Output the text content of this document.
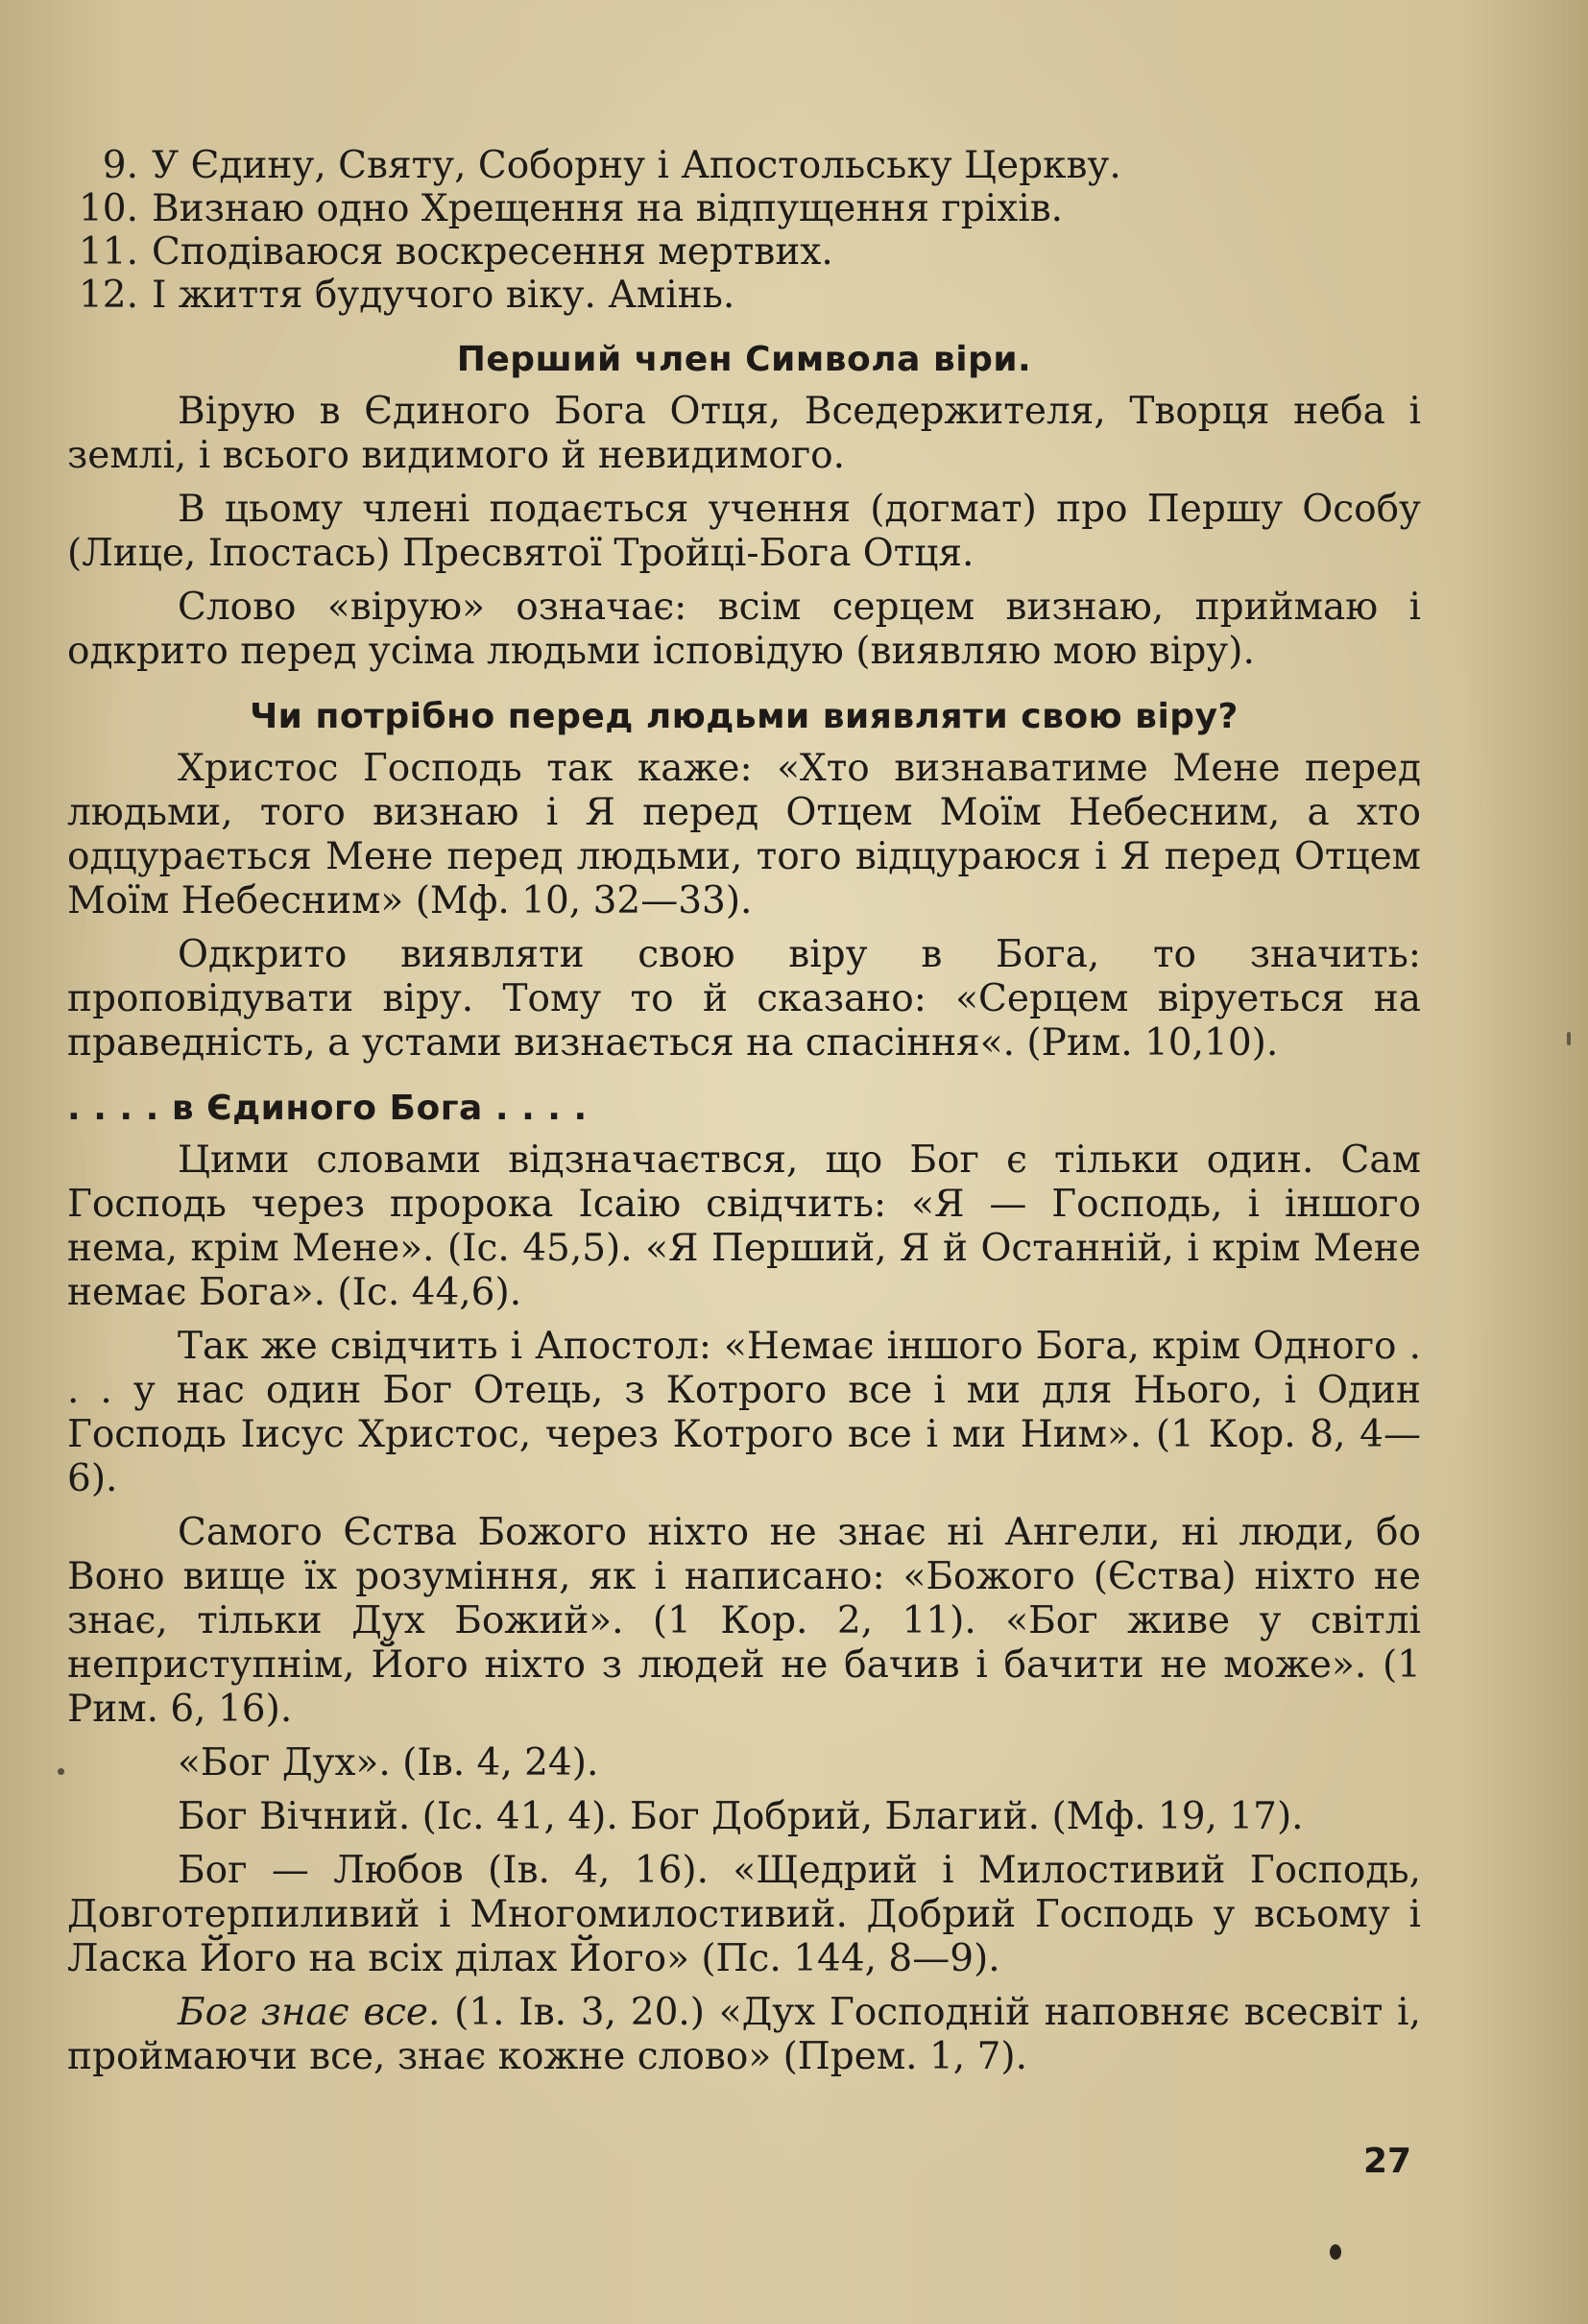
9. У Єдину, Святу, Соборну і Апостольську Церкву.
10. Визнаю одно Хрещення на відпущення гріхів.
11. Сподіваюся воскресення мертвих.
12. І життя будучого віку. Амінь.
Перший член Символа віри.

Вірую в Єдиного Бога Отця, Вседержителя, Творця неба і землі, і всього видимого й невидимого.

В цьому члені подається учення (догмат) про Першу Особу (Лице, Іпостась) Пресвятої Тройці-Бога Отця.

Слово «вірую» означає: всім серцем визнаю, приймаю і одкрито перед усіма людьми іcповідую (виявляю мою віру).

Чи потрібно перед людьми виявляти свою віру?

Христос Господь так каже: «Хто визнаватиме Мене перед людьми, того визнаю і Я перед Отцем Моїм Небесним, а хто одцурається Мене перед людьми, того відцураюся і Я перед Отцем Моїм Небесним» (Мф. 10, 32—33).

Одкрито виявляти свою віру в Бога, то значить: проповідувати віру. Тому то й сказано: «Серцем віруеться на праведність, а устами визнається на спасіння«. (Рим. 10,10).

. . . . в Єдиного Бога . . . .

Цими словами відзначаєтвся, що Бог є тільки один. Сам Господь через пророка Ісаію свідчить: «Я — Господь, і іншого нема, крім Мене». (Іс. 45,5). «Я Перший, Я й Останній, і крім Мене немає Бога». (Іс. 44,6).

Так же свідчить і Апостол: «Немає іншого Бога, крім Одного . . . у нас один Бог Отець, з Котрого все і ми для Нього, і Один Господь Іисус Христос, через Котрого все і ми Ним». (1 Кор. 8, 4—6).

Самого Єства Божого ніхто не знає ні Ангели, ні люди, бо Воно вище їх розуміння, як і написано: «Божого (Єства) ніхто не знає, тільки Дух Божий». (1 Кор. 2, 11). «Бог живе у світлі неприступнім, Його ніхто з людей не бачив і бачити не може». (1 Рим. 6, 16).

«Бог Дух». (Ів. 4, 24).

Бог Вічний. (Іс. 41, 4). Бог Добрий, Благий. (Мф. 19, 17).

Бог — Любов (Ів. 4, 16). «Щедрий і Милостивий Господь, Довготерпиливий і Многомилостивий. Добрий Господь у всьому і Ласка Його на всіх ділах Його» (Пс. 144, 8—9).

Бог знає все. (1. Ів. 3, 20.) «Дух Господній наповняє всесвіт і, проймаючи все, знає кожне слово» (Прем. 1, 7).

27
